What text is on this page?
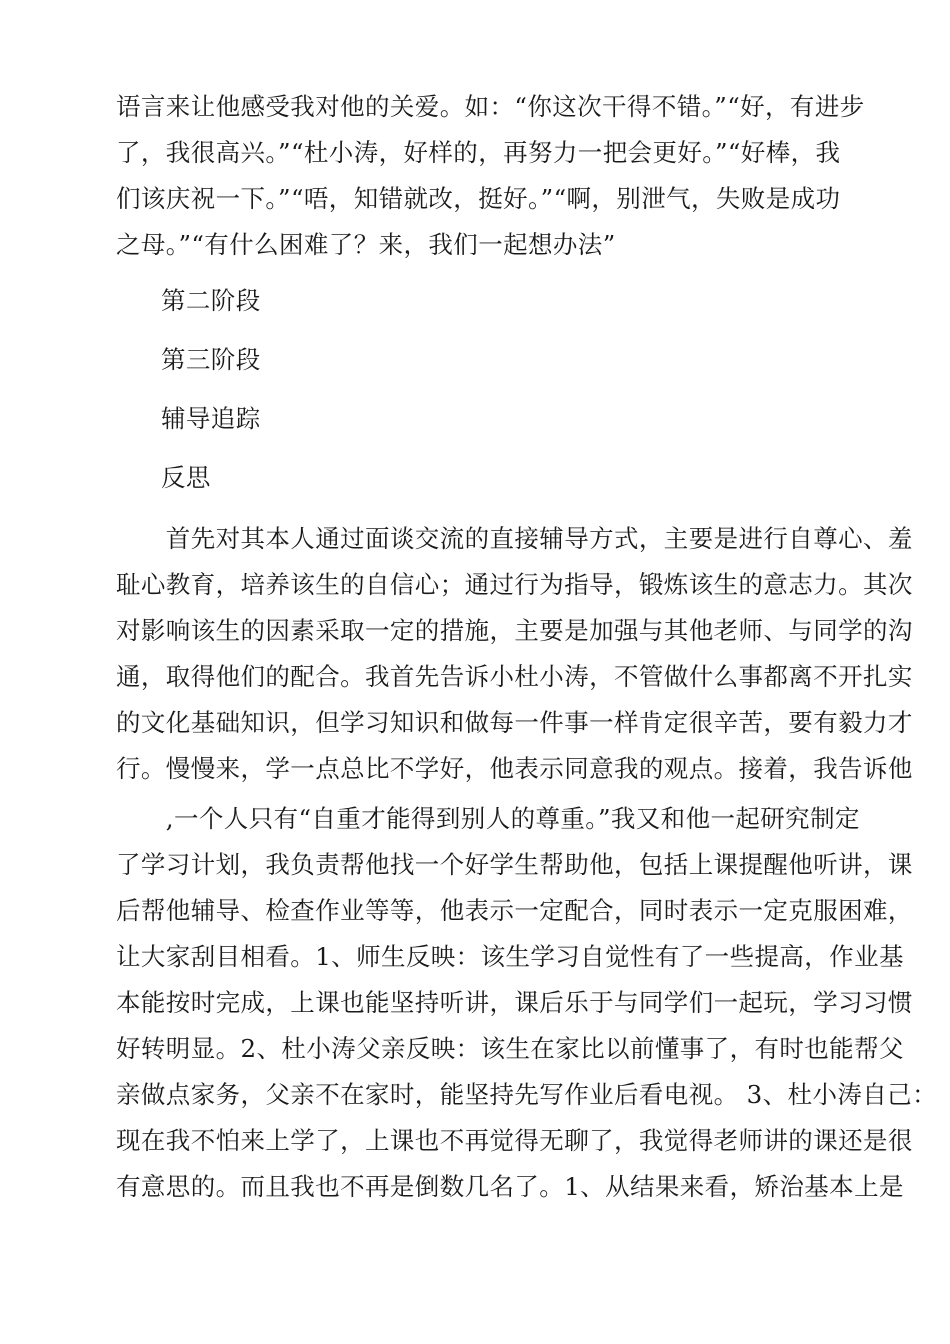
语言来让他感受我对他的关爱。如：“你这次干得不错。”“好，有进步
了，我很高兴。”“杜小涛，好样的，再努力一把会更好。”“好棒，我
们该庆祝一下。”“唔，知错就改，挺好。”“啊，别泄气，失败是成功
之母。”“有什么困难了？来，我们一起想办法”
第二阶段
第三阶段
辅导追踪
反思
　　首先对其本人通过面谈交流的直接辅导方式，主要是进行自尊心、羞
耻心教育，培养该生的自信心；通过行为指导，锻炼该生的意志力。其次
对影响该生的因素采取一定的措施，主要是加强与其他老师、与同学的沟
通，取得他们的配合。我首先告诉小杜小涛，不管做什么事都离不开扎实
的文化基础知识，但学习知识和做每一件事一样肯定很辛苦，要有毅力才
行。慢慢来，学一点总比不学好，他表示同意我的观点。接着，我告诉他
　　,一个人只有“自重才能得到别人的尊重。”我又和他一起研究制定
了学习计划，我负责帮他找一个好学生帮助他，包括上课提醒他听讲，课
后帮他辅导、检查作业等等，他表示一定配合，同时表示一定克服困难，
让大家刮目相看。1、师生反映：该生学习自觉性有了一些提高，作业基
本能按时完成，上课也能坚持听讲，课后乐于与同学们一起玩，学习习惯
好转明显。2、杜小涛父亲反映：该生在家比以前懂事了，有时也能帮父
亲做点家务，父亲不在家时，能坚持先写作业后看电视。 3、杜小涛自己：
现在我不怕来上学了，上课也不再觉得无聊了，我觉得老师讲的课还是很
有意思的。而且我也不再是倒数几名了。1、从结果来看，矫治基本上是
